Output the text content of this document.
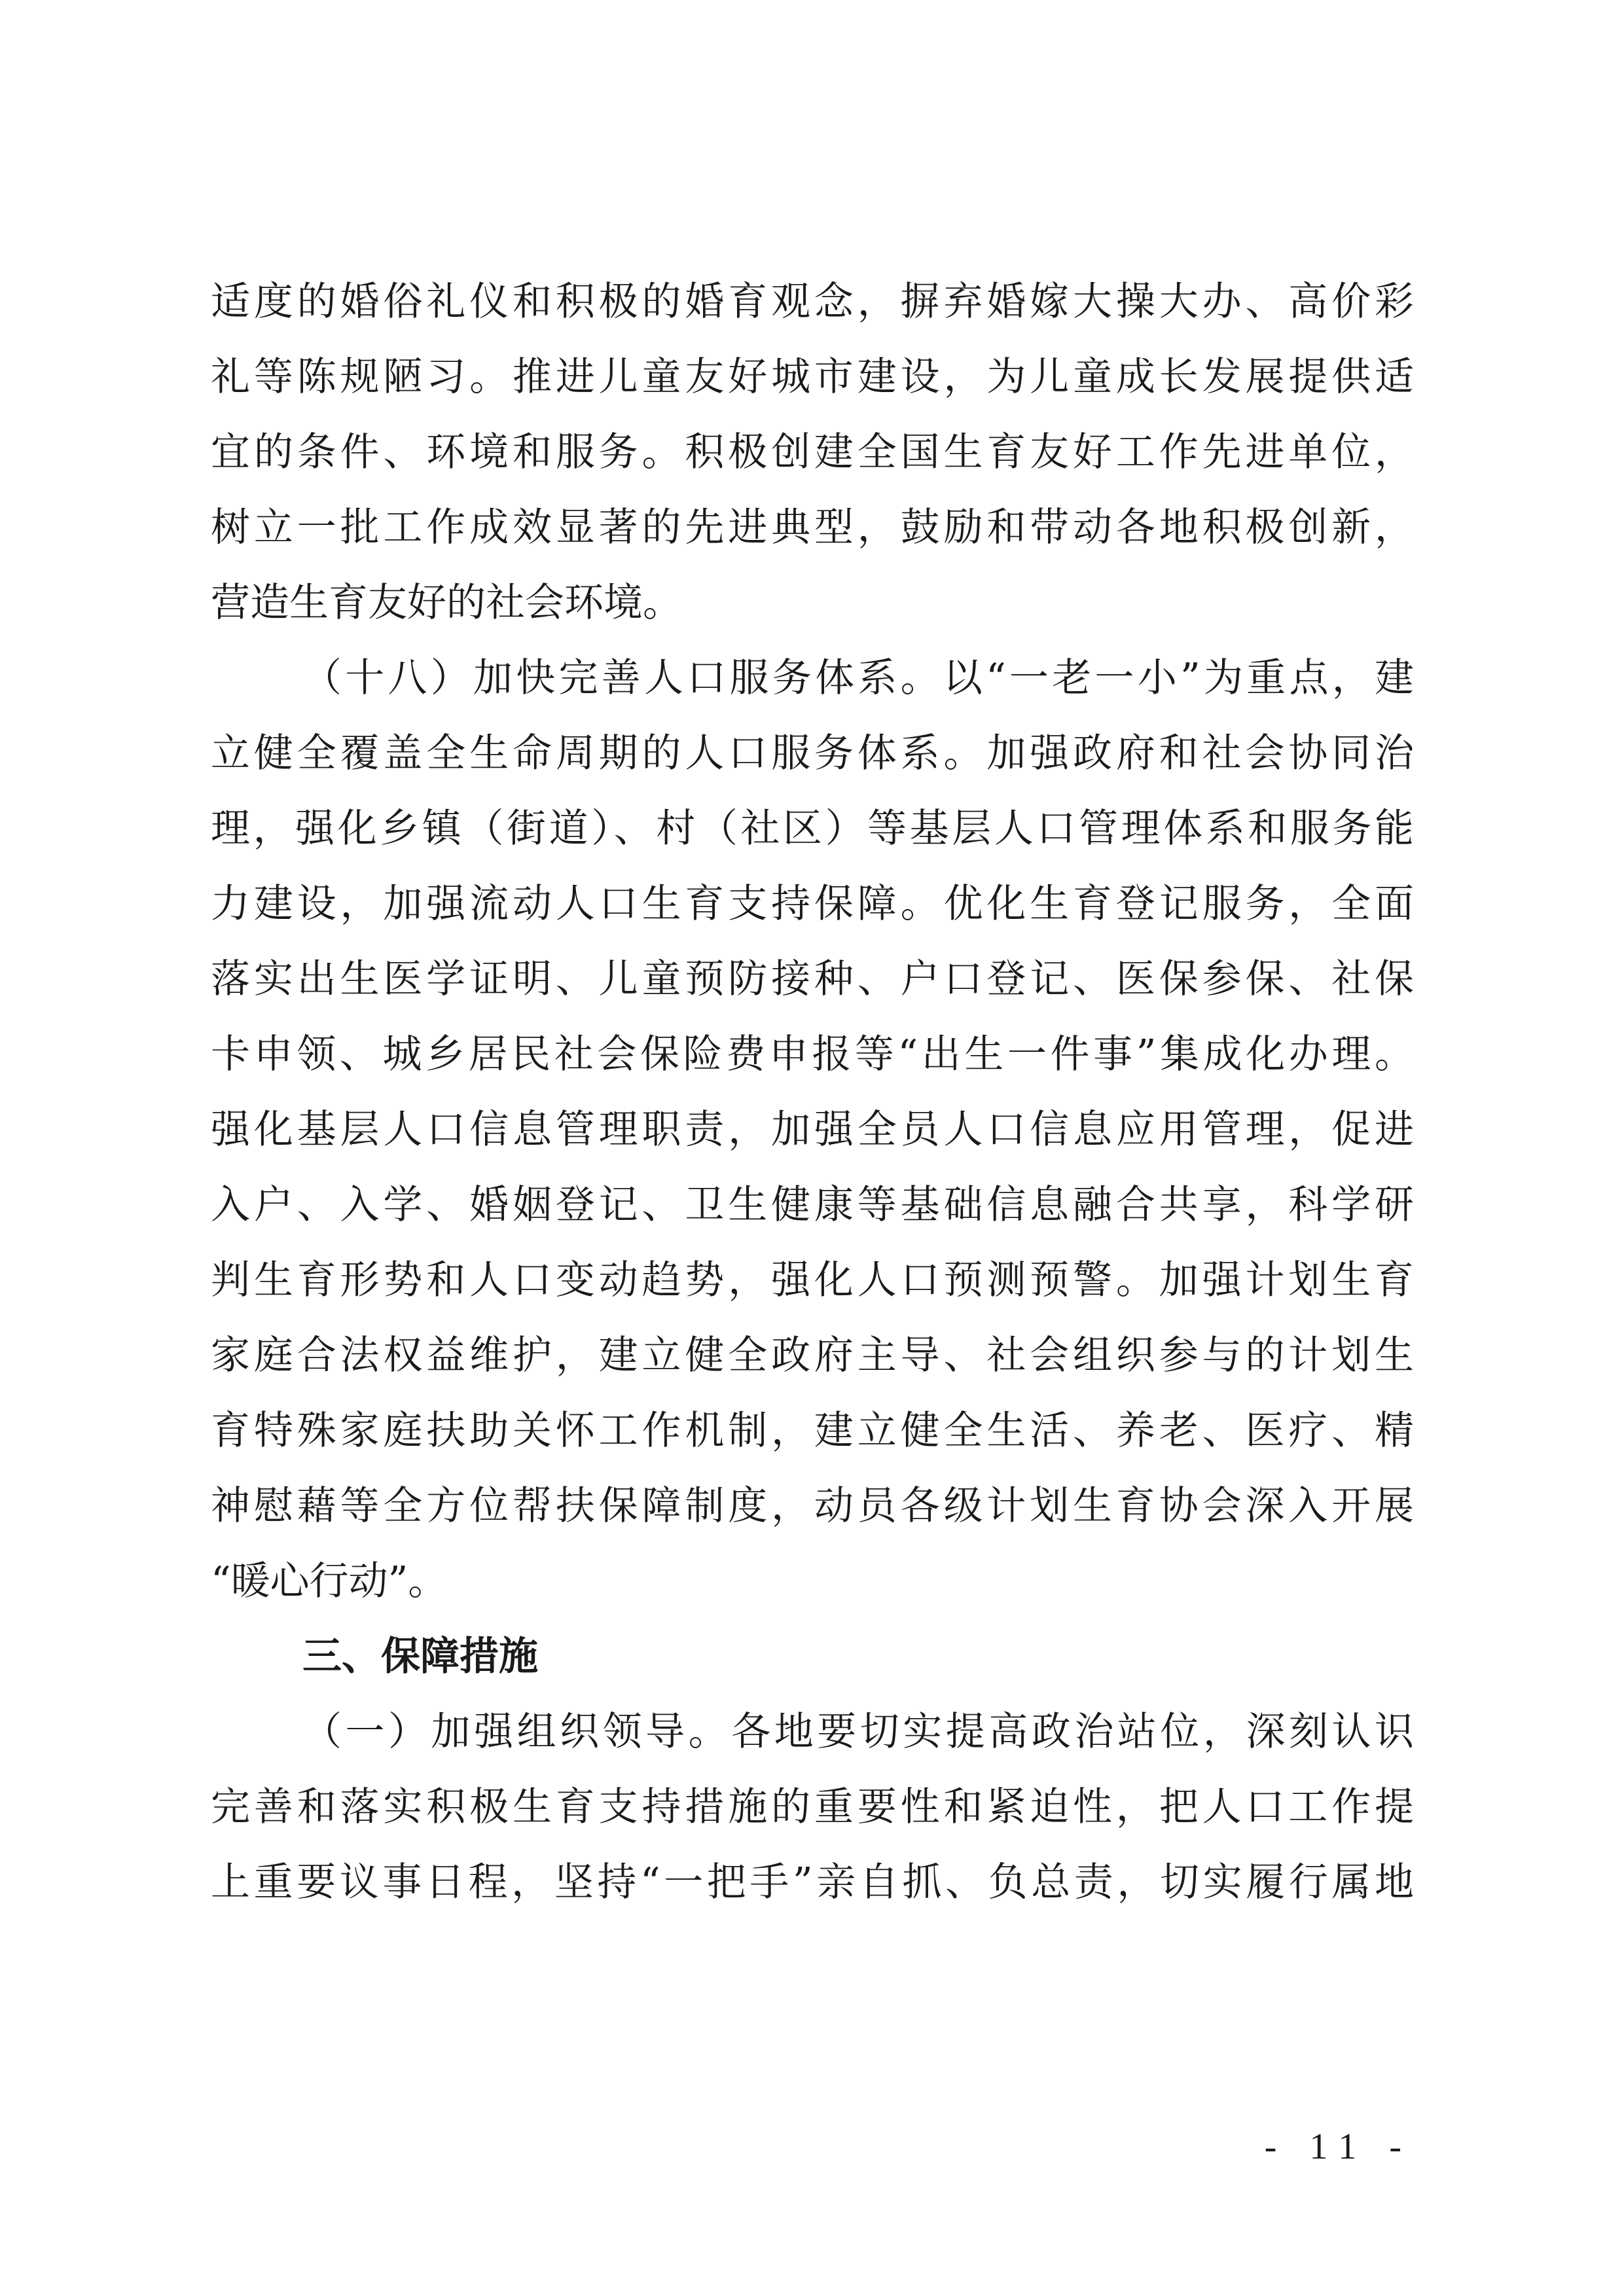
适度的婚俗礼仪和积极的婚育观念，摒弃婚嫁大操大办、高价彩
礼等陈规陋习。推进儿童友好城市建设，为儿童成长发展提供适
宜的条件、环境和服务。积极创建全国生育友好工作先进单位，
树立一批工作成效显著的先进典型，鼓励和带动各地积极创新，
营造生育友好的社会环境。
（十八）加快完善人口服务体系。以“一老一小”为重点，建
立健全覆盖全生命周期的人口服务体系。加强政府和社会协同治
理，强化乡镇（街道）、村（社区）等基层人口管理体系和服务能
力建设，加强流动人口生育支持保障。优化生育登记服务，全面
落实出生医学证明、儿童预防接种、户口登记、医保参保、社保
卡申领、城乡居民社会保险费申报等“出生一件事”集成化办理。
强化基层人口信息管理职责，加强全员人口信息应用管理，促进
入户、入学、婚姻登记、卫生健康等基础信息融合共享，科学研
判生育形势和人口变动趋势，强化人口预测预警。加强计划生育
家庭合法权益维护，建立健全政府主导、社会组织参与的计划生
育特殊家庭扶助关怀工作机制，建立健全生活、养老、医疗、精
神慰藉等全方位帮扶保障制度，动员各级计划生育协会深入开展
“暖心行动”。
三、保障措施
（一）加强组织领导。各地要切实提高政治站位，深刻认识
完善和落实积极生育支持措施的重要性和紧迫性，把人口工作提
上重要议事日程，坚持“一把手”亲自抓、负总责，切实履行属地
- 11 -
